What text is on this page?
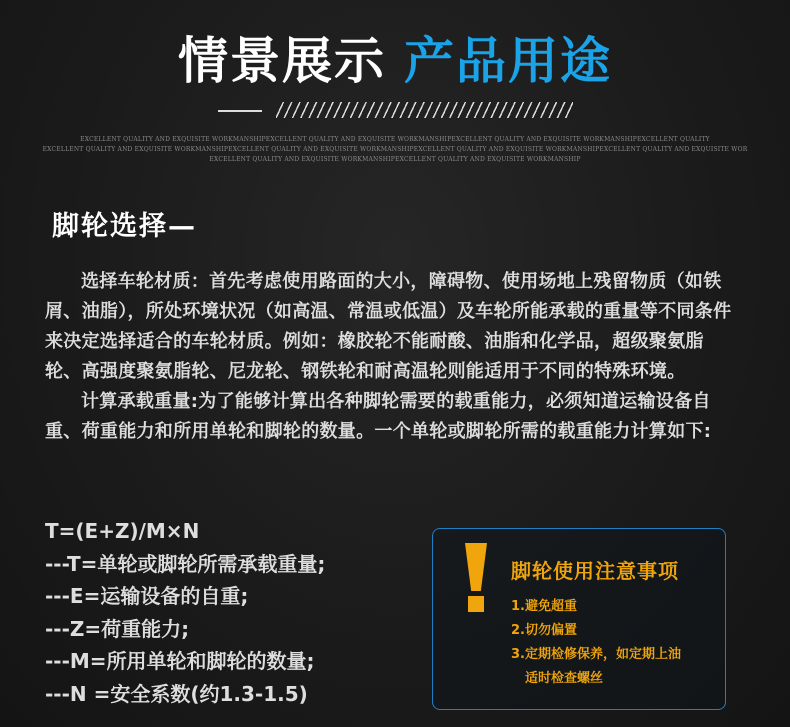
情景展示 产品用途
EXCELLENT QUALITY AND EXQUISITE WORKMANSHIPEXCELLENT QUALITY AND EXQUISITE WORKMANSHIPEXCELLENT QUALITY AND EXQUISITE WORKMANSHIPEXCELLENT QUALITY
EXCELLENT QUALITY AND EXQUISITE WORKMANSHIPEXCELLENT QUALITY AND EXQUISITE WORKMANSHIPEXCELLENT QUALITY AND EXQUISITE WORKMANSHIPEXCELLENT QUALITY AND EXQUISITE WOR
EXCELLENT QUALITY AND EXQUISITE WORKMANSHIPEXCELLENT QUALITY AND EXQUISITE WORKMANSHIP
脚轮选择—

选择车轮材质：首先考虑使用路面的大小，障碍物、使用场地上残留物质（如铁屑、油脂），所处环境状况（如高温、常温或低温）及车轮所能承载的重量等不同条件来决定选择适合的车轮材质。例如：橡胶轮不能耐酸、油脂和化学品，超级聚氨脂轮、高强度聚氨脂轮、尼龙轮、钢铁轮和耐高温轮则能适用于不同的特殊环境。

计算承载重量:为了能够计算出各种脚轮需要的载重能力，必须知道运输设备自重、荷重能力和所用单轮和脚轮的数量。一个单轮或脚轮所需的载重能力计算如下:

T=(E+Z)/M×N
---T=单轮或脚轮所需承载重量;
---E=运输设备的自重;
---Z=荷重能力;
---M=所用单轮和脚轮的数量;
---N =安全系数(约1.3-1.5)
脚轮使用注意事项
1.避免超重
2.切勿偏置
3.定期检修保养，如定期上油
适时检查螺丝
